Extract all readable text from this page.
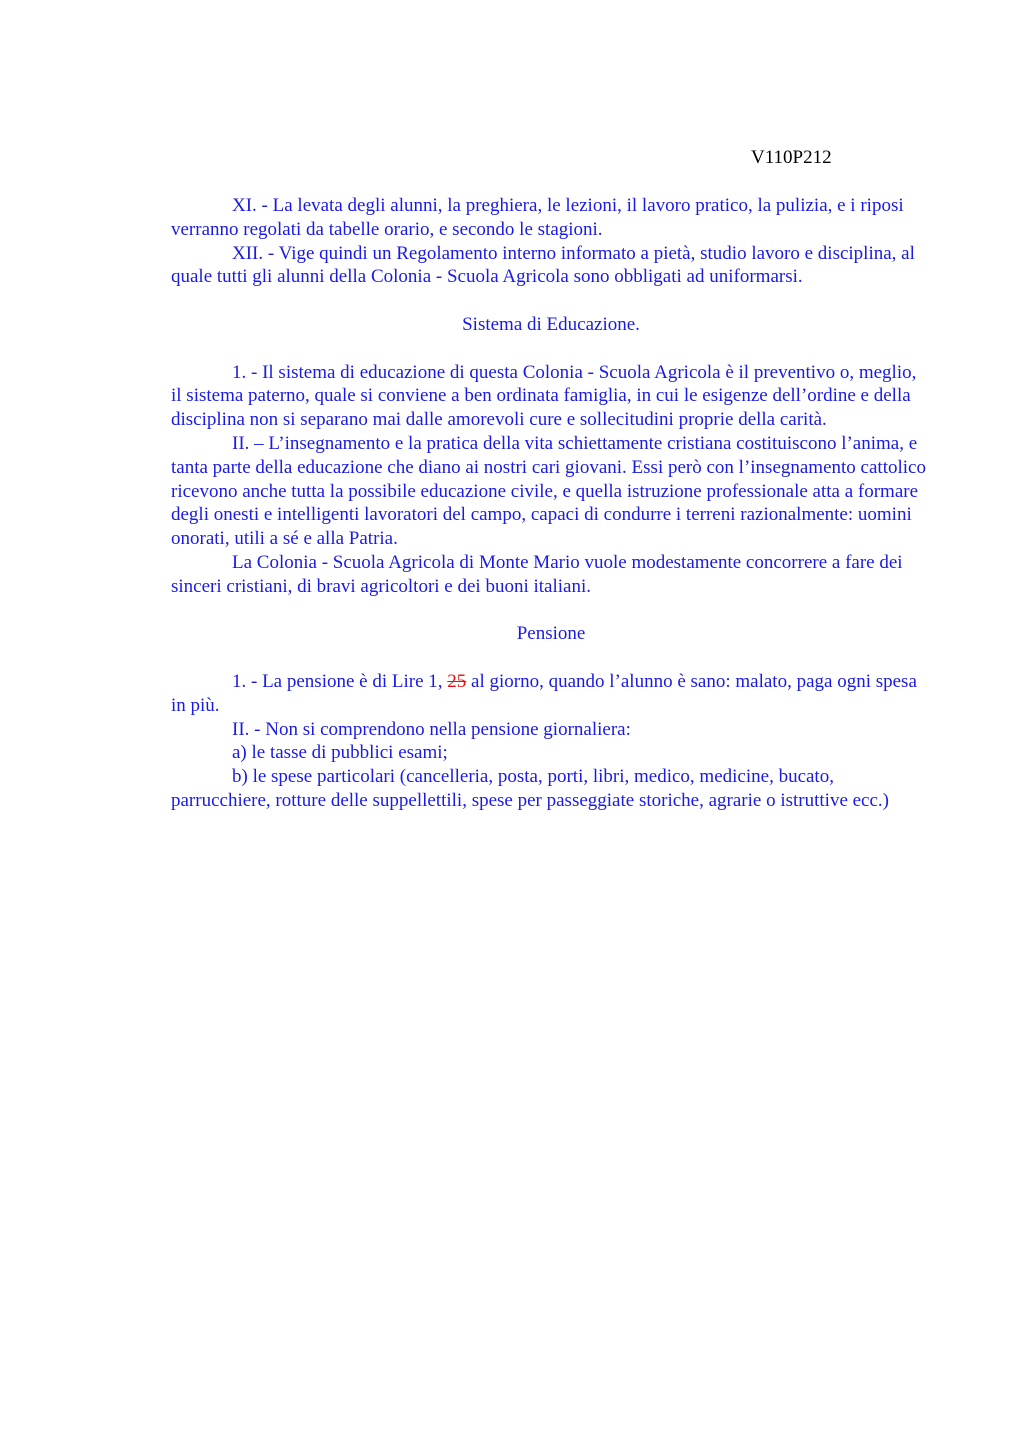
V110P212

XI. - La levata degli alunni, la preghiera, le lezioni, il lavoro pratico, la pulizia, e i riposi verranno regolati da tabelle orario, e secondo le stagioni.

XII. - Vige quindi un Regolamento interno informato a pietà, studio lavoro e disciplina, al quale tutti gli alunni della Colonia - Scuola Agricola sono obbligati ad uniformarsi.

Sistema di Educazione.

1. - Il sistema di educazione di questa Colonia - Scuola Agricola è il preventivo o, meglio, il sistema paterno, quale si conviene a ben ordinata famiglia, in cui le esigenze dell’ordine e della disciplina non si separano mai dalle amorevoli cure e sollecitudini proprie della carità.

II. – L’insegnamento e la pratica della vita schiettamente cristiana costituiscono l’anima, e tanta parte della educazione che diano ai nostri cari giovani. Essi però con l’insegnamento cattolico ricevono anche tutta la possibile educazione civile, e quella istruzione professionale atta a formare degli onesti e intelligenti lavoratori del campo, capaci di condurre i terreni razionalmente: uomini onorati, utili a sé e alla Patria.

La Colonia - Scuola Agricola di Monte Mario vuole modestamente concorrere a fare dei sinceri cristiani, di bravi agricoltori e dei buoni italiani.

Pensione

1. - La pensione è di Lire 1, 25 al giorno, quando l’alunno è sano: malato, paga ogni spesa in più.

II. - Non si comprendono nella pensione giornaliera:

a) le tasse di pubblici esami;

b) le spese particolari (cancelleria, posta, porti, libri, medico, medicine, bucato, parrucchiere, rotture delle suppellettili, spese per passeggiate storiche, agrarie o istruttive ecc.)
